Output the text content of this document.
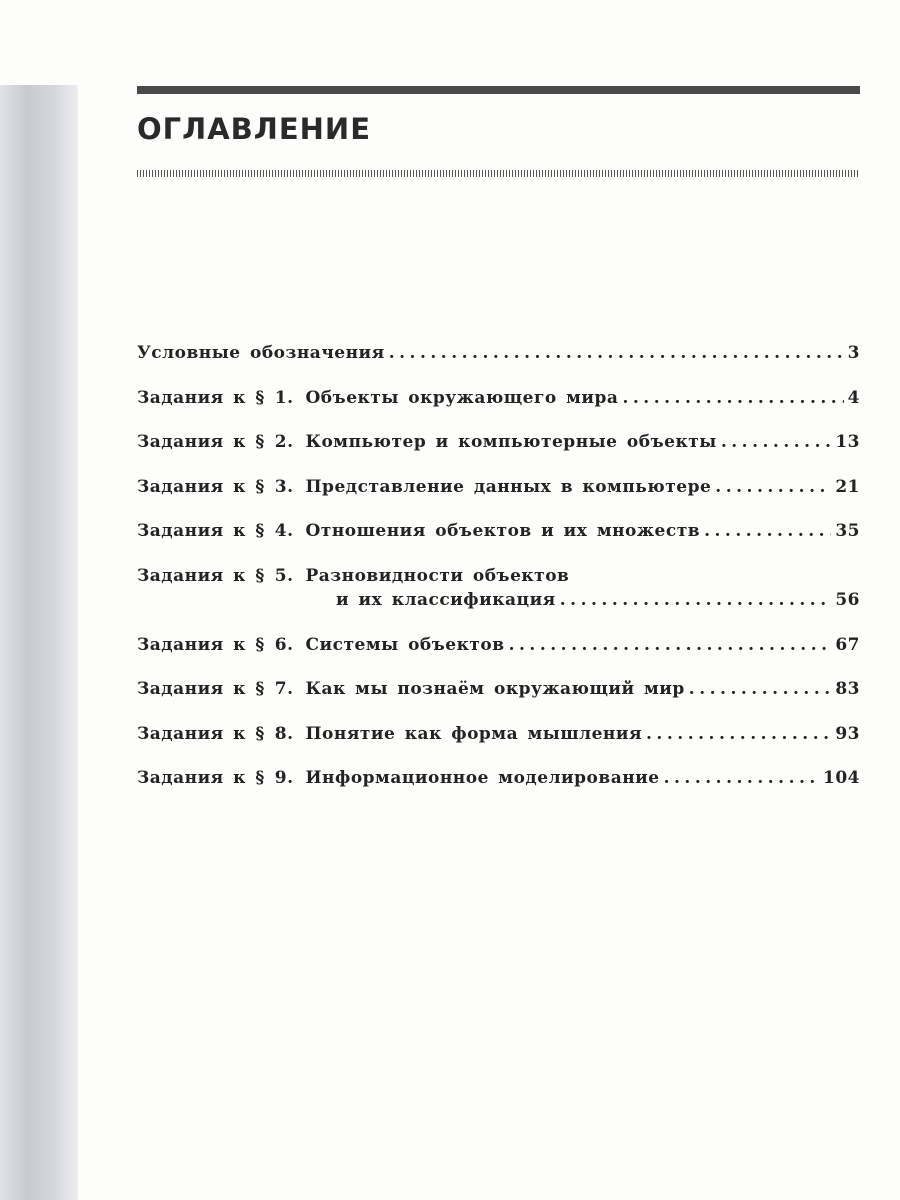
ОГЛАВЛЕНИЕ
Условные обозначения .....	3
Задания к § 1. Объекты окружающего мира .....	4
Задания к § 2. Компьютер и компьютерные объекты .....	13
Задания к § 3. Представление данных в компьютере .....	21
Задания к § 4. Отношения объектов и их множеств .....	35
Задания к § 5. Разновидности объектов
и их классификация .....	56
Задания к § 6. Системы объектов .....	67
Задания к § 7. Как мы познаём окружающий мир .....	83
Задания к § 8. Понятие как форма мышления .....	93
Задания к § 9. Информационное моделирование .....	104
